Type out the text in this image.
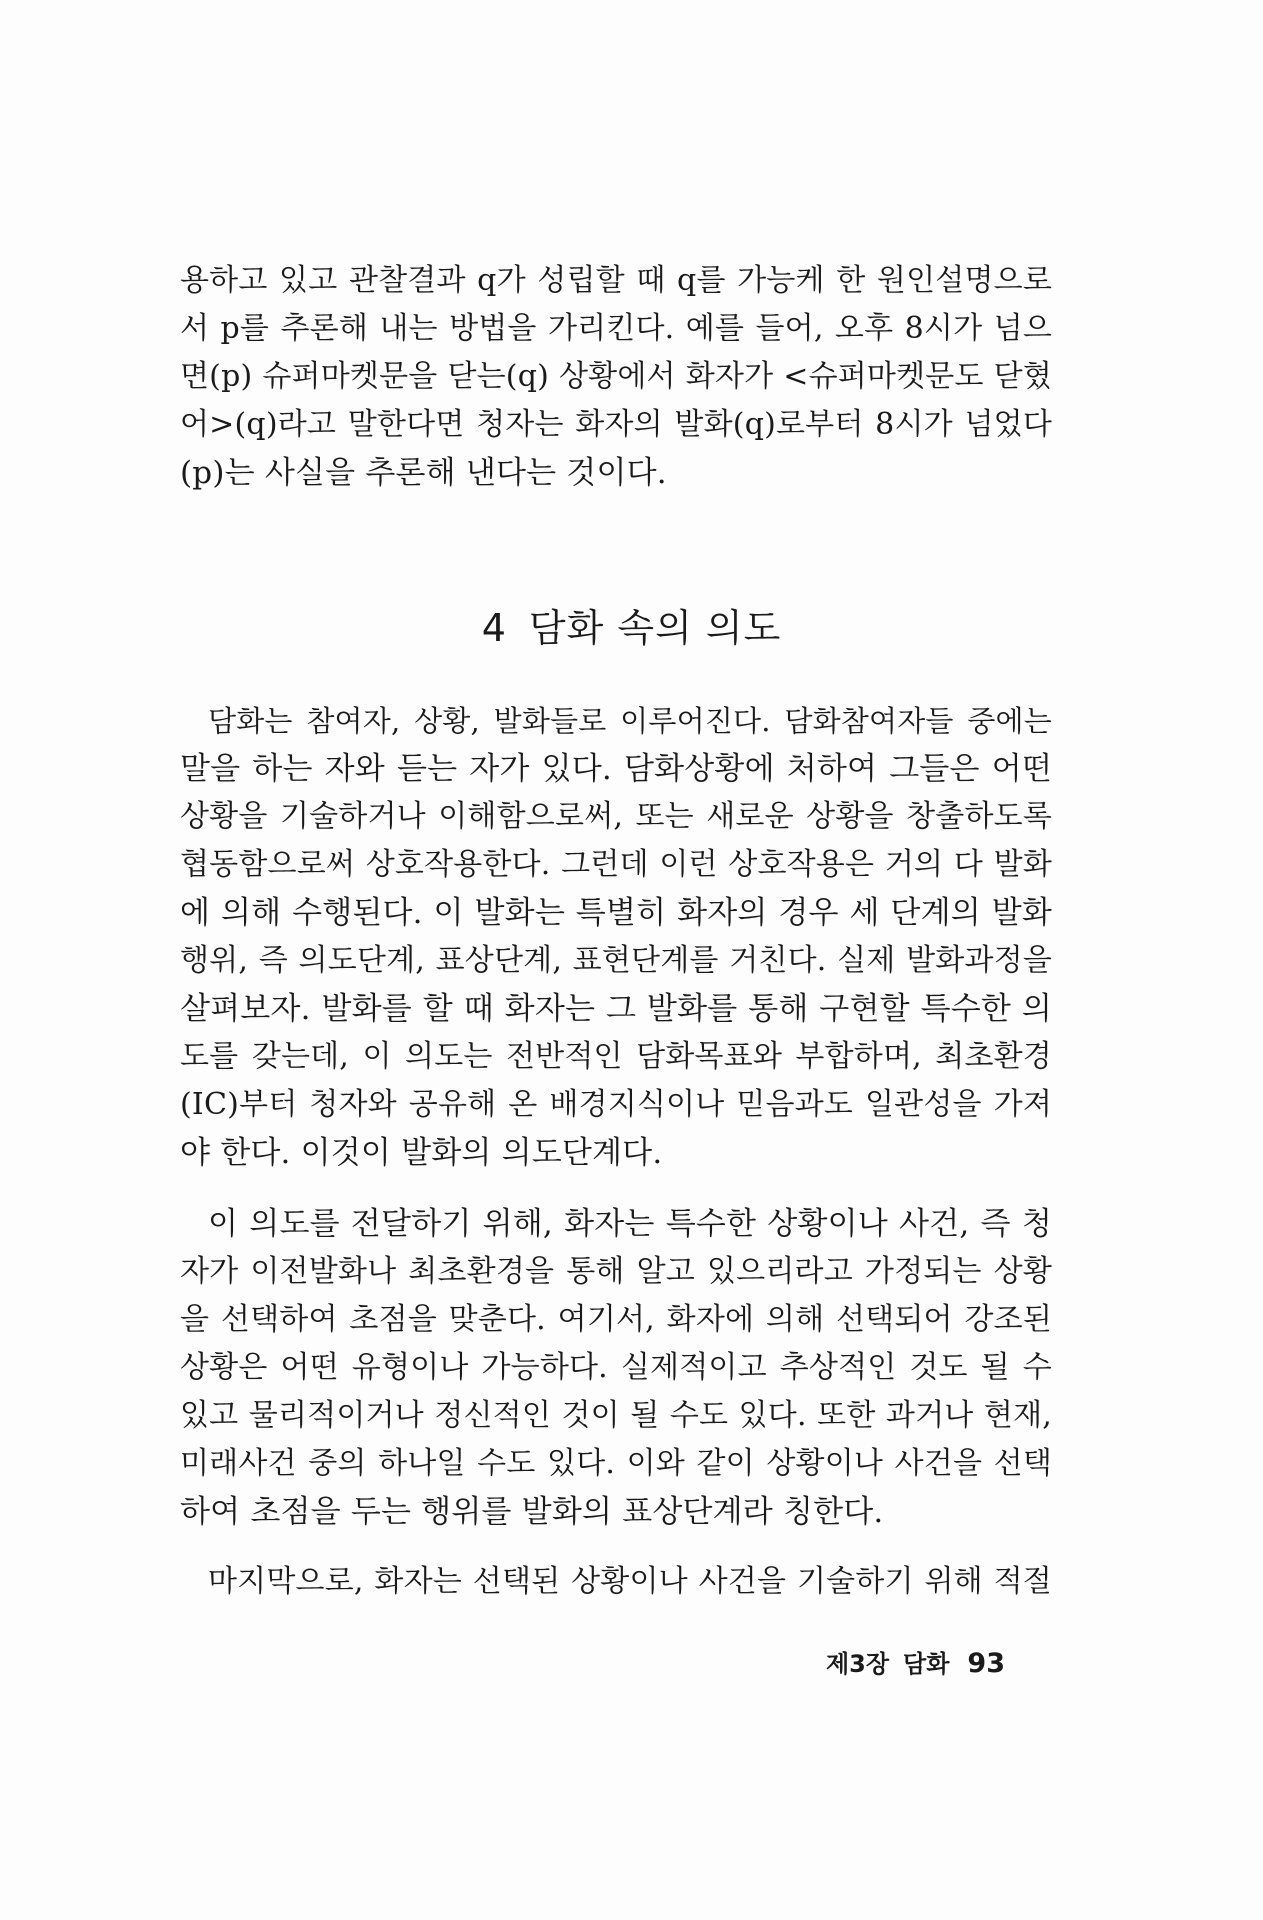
용하고 있고 관찰결과 q가 성립할 때 q를 가능케 한 원인설명으로
서 p를 추론해 내는 방법을 가리킨다. 예를 들어, 오후 8시가 넘으
면(p) 슈퍼마켓문을 닫는(q) 상황에서 화자가 <슈퍼마켓문도 닫혔
어>(q)라고 말한다면 청자는 화자의 발화(q)로부터 8시가 넘었다
(p)는 사실을 추론해 낸다는 것이다.
4 담화 속의 의도
담화는 참여자, 상황, 발화들로 이루어진다. 담화참여자들 중에는
말을 하는 자와 듣는 자가 있다. 담화상황에 처하여 그들은 어떤
상황을 기술하거나 이해함으로써, 또는 새로운 상황을 창출하도록
협동함으로써 상호작용한다. 그런데 이런 상호작용은 거의 다 발화
에 의해 수행된다. 이 발화는 특별히 화자의 경우 세 단계의 발화
행위, 즉 의도단계, 표상단계, 표현단계를 거친다. 실제 발화과정을
살펴보자. 발화를 할 때 화자는 그 발화를 통해 구현할 특수한 의
도를 갖는데, 이 의도는 전반적인 담화목표와 부합하며, 최초환경
(IC)부터 청자와 공유해 온 배경지식이나 믿음과도 일관성을 가져
야 한다. 이것이 발화의 의도단계다.
이 의도를 전달하기 위해, 화자는 특수한 상황이나 사건, 즉 청
자가 이전발화나 최초환경을 통해 알고 있으리라고 가정되는 상황
을 선택하여 초점을 맞춘다. 여기서, 화자에 의해 선택되어 강조된
상황은 어떤 유형이나 가능하다. 실제적이고 추상적인 것도 될 수
있고 물리적이거나 정신적인 것이 될 수도 있다. 또한 과거나 현재,
미래사건 중의 하나일 수도 있다. 이와 같이 상황이나 사건을 선택
하여 초점을 두는 행위를 발화의 표상단계라 칭한다.
마지막으로, 화자는 선택된 상황이나 사건을 기술하기 위해 적절
제3장 담화 93
